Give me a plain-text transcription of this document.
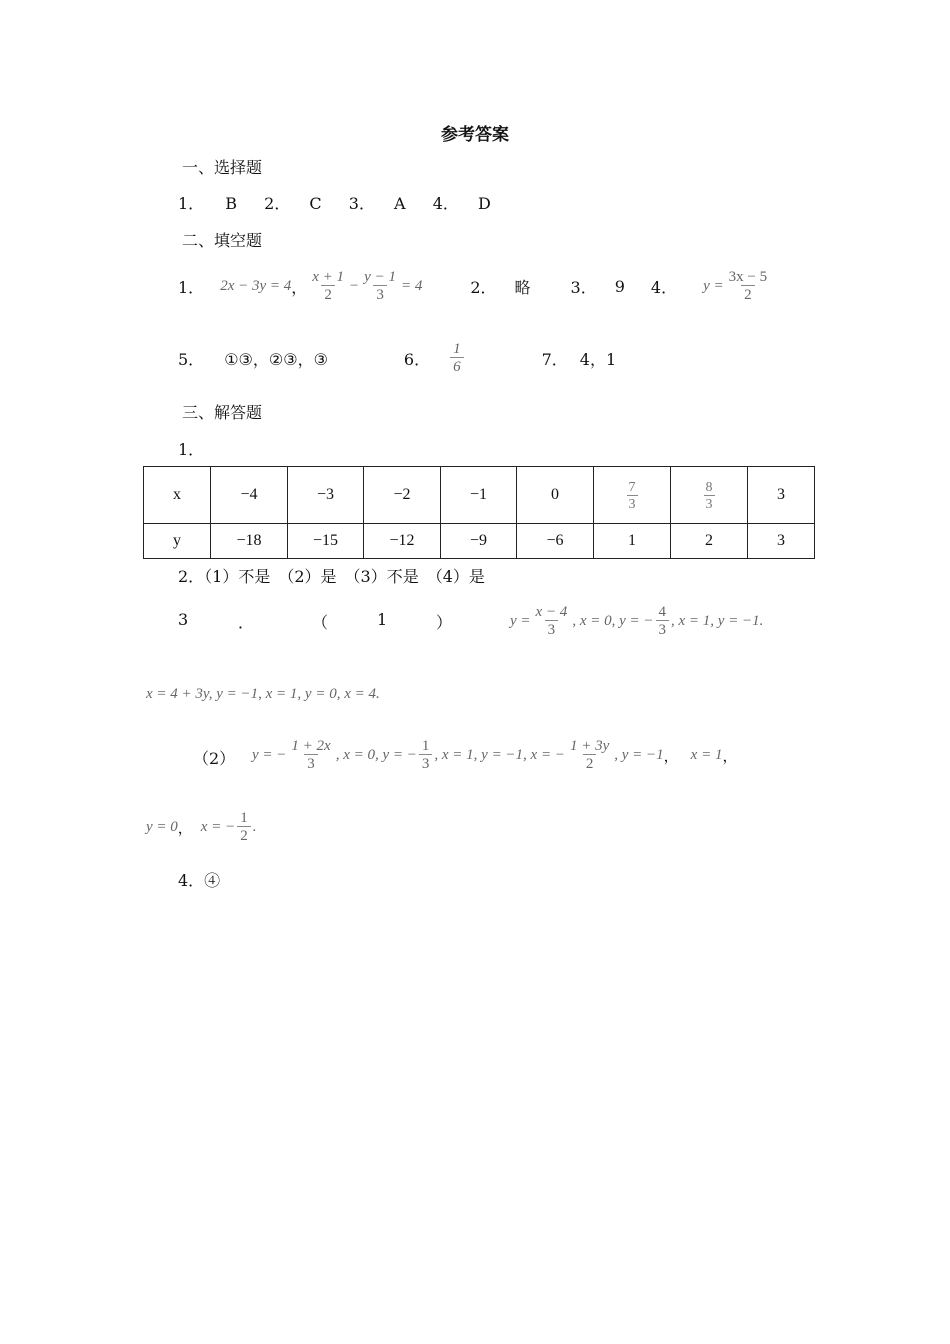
参考答案
一、选择题
1． B 2． C 3． A 4． D
二、填空题
1． 2x − 3y = 4 ， $\frac{x + 1}{2} - \frac{y - 1}{3} = 4$	2． 略	3． 9 4． $y = \frac{3x - 5}{2}$
5． ①③，②③，③	6． $\frac{1}{6}$	7． 4，1
三、解答题
1．
x	−4	−3	−2	−1	0	$\frac{7}{3}$	$\frac{8}{3}$	3
y	−18	−15	−12	−9	−6	1	2	3
2．（1）不是　（2）是　（3）不是　（4）是
3	．	（	1	）	$y = \frac{x - 4}{3}$ , x = 0, y = − $\frac{4}{3}$ , x = 1, y = −1.
x = 4 + 3y, y = −1, x = 1, y = 0, x = 4.
（2） y = − $\frac{1 + 2x}{3}$ , x = 0, y = − $\frac{1}{3}$ , x = 1, y = −1, x = − $\frac{1 + 3y}{2}$ , y = −1 ， x = 1 ，
y = 0 ， x = − $\frac{1}{2}$ .
4．④
